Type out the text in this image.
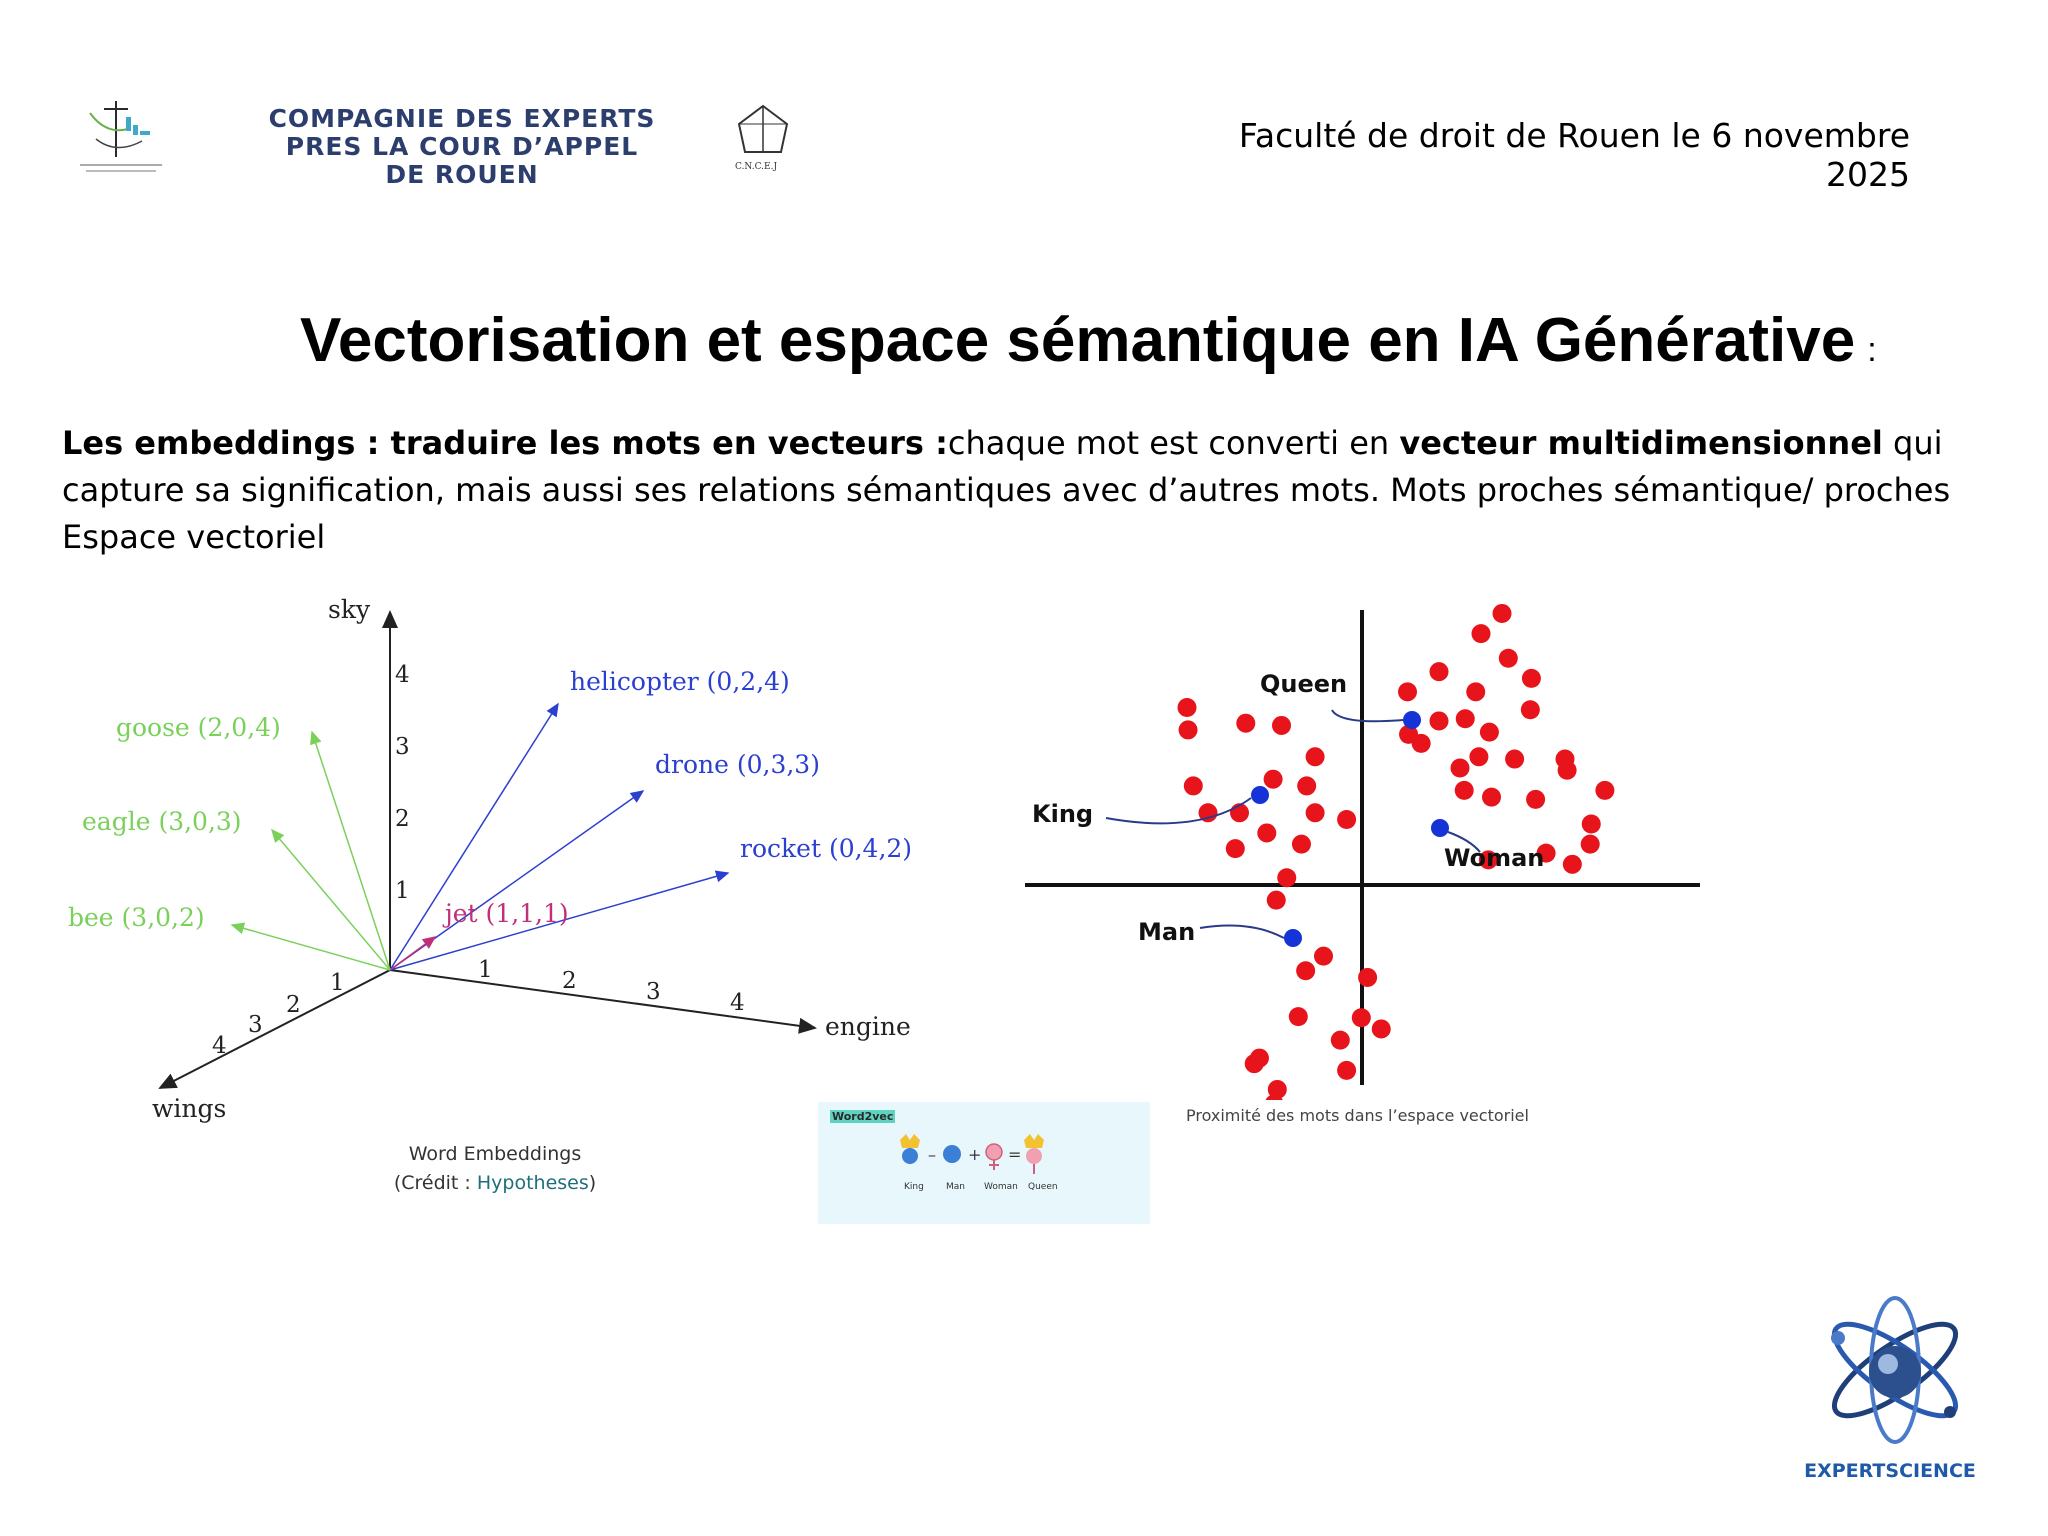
COMPAGNIE DES EXPERTS
PRES LA COUR D’APPEL
DE ROUEN	C.N.C.E.J
Faculté de droit de Rouen le 6 novembre 2025
Vectorisation et espace sémantique en IA Générative :
Les embeddings : traduire les mots en vecteurs :chaque mot est converti en vecteur multidimensionnel qui capture sa signification, mais aussi ses relations sémantiques avec d’autres mots. Mots proches sémantique/ proches Espace vectoriel
sky
engine
wings
1
2
3
4
1	2	3	4
1
2
3
4
helicopter (0,2,4)
drone (0,3,3)
rocket (0,4,2)
jet (1,1,1)
goose (2,0,4)
eagle (3,0,3)
bee (3,0,2)
Word Embeddings
(Crédit : Hypotheses)
Word2vec
– + =
King Man Woman Queen
Queen
King
Woman
Man
Proximité des mots dans l’espace vectoriel
EXPERTSCIENCE
